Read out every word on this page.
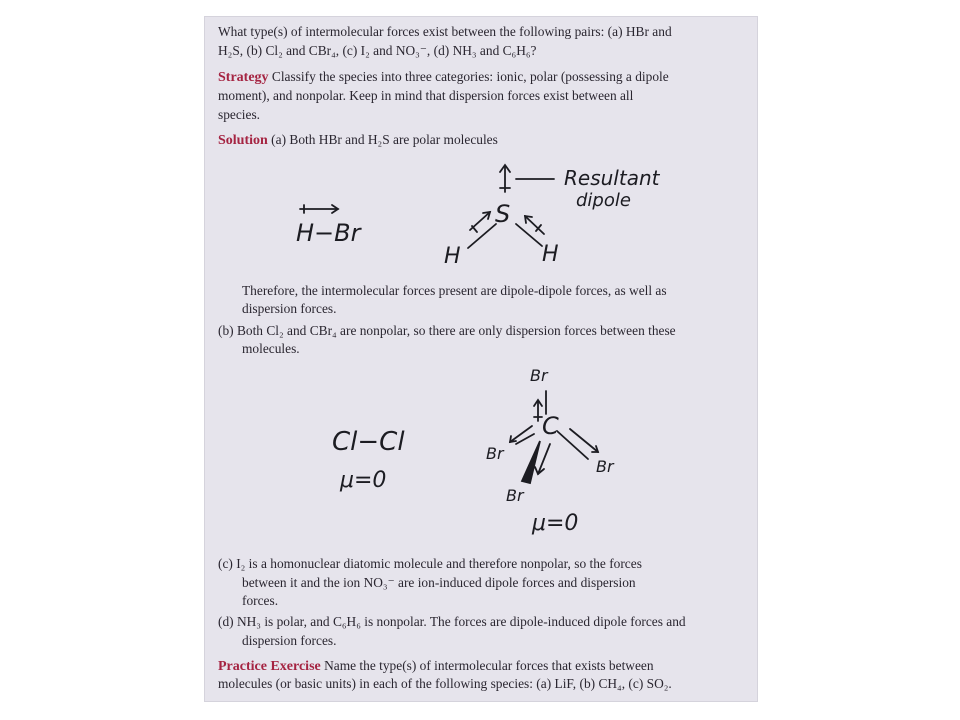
What type(s) of intermolecular forces exist between the following pairs: (a) HBr and

H₂S, (b) Cl₂ and CBr₄, (c) I₂ and NO₃⁻, (d) NH₃ and C₆H₆?

Strategy Classify the species into three categories: ionic, polar (possessing a dipole

moment), and nonpolar. Keep in mind that dispersion forces exist between all

species.

Solution (a) Both HBr and H₂S are polar molecules

Resultant
dipole
H−Br
S
H	H

Therefore, the intermolecular forces present are dipole-dipole forces, as well as

dispersion forces.

(b) Both Cl₂ and CBr₄ are nonpolar, so there are only dispersion forces between these

molecules.

Br
C
Br
Br
Br
Cl−Cl
μ=0
μ=0

(c) I₂ is a homonuclear diatomic molecule and therefore nonpolar, so the forces

between it and the ion NO₃⁻ are ion-induced dipole forces and dispersion

forces.

(d) NH₃ is polar, and C₆H₆ is nonpolar. The forces are dipole-induced dipole forces and

dispersion forces.

Practice Exercise Name the type(s) of intermolecular forces that exists between

molecules (or basic units) in each of the following species: (a) LiF, (b) CH₄, (c) SO₂.
